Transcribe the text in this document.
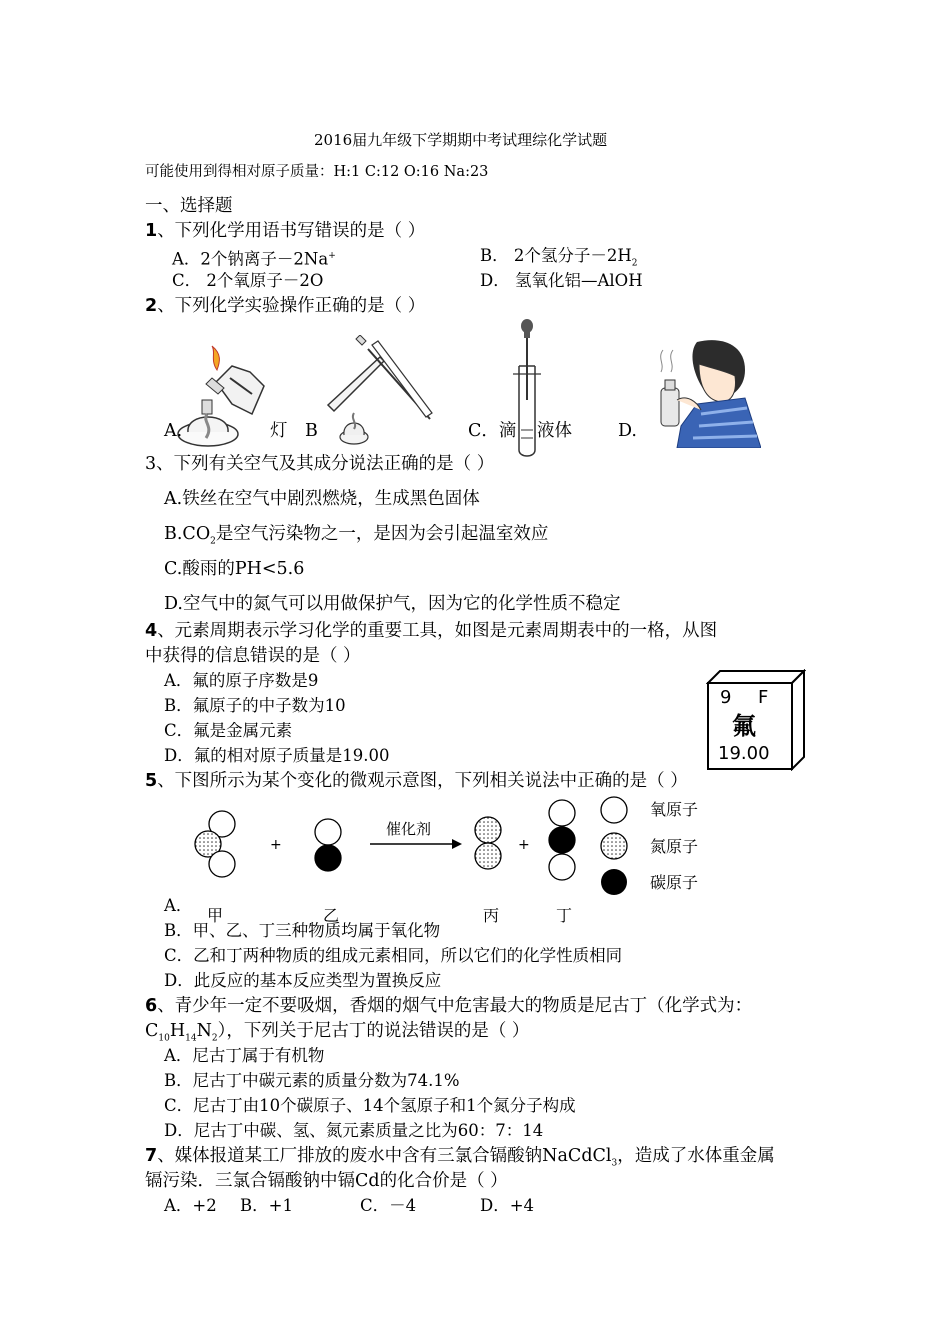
2016届九年级下学期期中考试理综化学试题
可能使用到得相对原子质量：H:1 C:12 O:16 Na:23
一、选择题
1、下列化学用语书写错误的是（ ）
A．2个钠离子－2Na+	B． 2个氢分子$-2H_2$
C． 2个氧原子－2O	D． 氢氧化铝—AlOH
2、下列化学实验操作正确的是（ ）
A.	灯 B	C．滴 液体	D.
3、下列有关空气及其成分说法正确的是（ ）
A.铁丝在空气中剧烈燃烧，生成黑色固体
$B.CO_2$是空气污染物之一，是因为会引起温室效应
C.酸雨的PH<5.6
D.空气中的氮气可以用做保护气，因为它的化学性质不稳定
4、元素周期表示学习化学的重要工具，如图是元素周期表中的一格，从图
中获得的信息错误的是（ ）
A．氟的原子序数是9
B．氟原子的中子数为10
C．氟是金属元素
D．氟的相对原子质量是19.00
9 F
氟
19.00
5、下图所示为某个变化的微观示意图，下列相关说法中正确的是（ ）
+
催化剂
+
氧原子
氮原子
碳原子
甲	乙	丙	丁
A．
B．甲、乙、丁三种物质均属于氧化物
C．乙和丁两种物质的组成元素相同，所以它们的化学性质相同
D．此反应的基本反应类型为置换反应
6、青少年一定不要吸烟，香烟的烟气中危害最大的物质是尼古丁（化学式为：
$C_{10}H_{14}N_2$），下列关于尼古丁的说法错误的是（ ）
A．尼古丁属于有机物
B．尼古丁中碳元素的质量分数为74.1%
C．尼古丁由10个碳原子、14个氢原子和1个氮分子构成
D．尼古丁中碳、氢、氮元素质量之比为60：7：14
7、媒体报道某工厂排放的废水中含有三氯合镉酸钠NaCdCl$_3$，造成了水体重金属
镉污染．三氯合镉酸钠中镉Cd的化合价是（ ）
A．+2 B．+1	C．－4	D．+4
